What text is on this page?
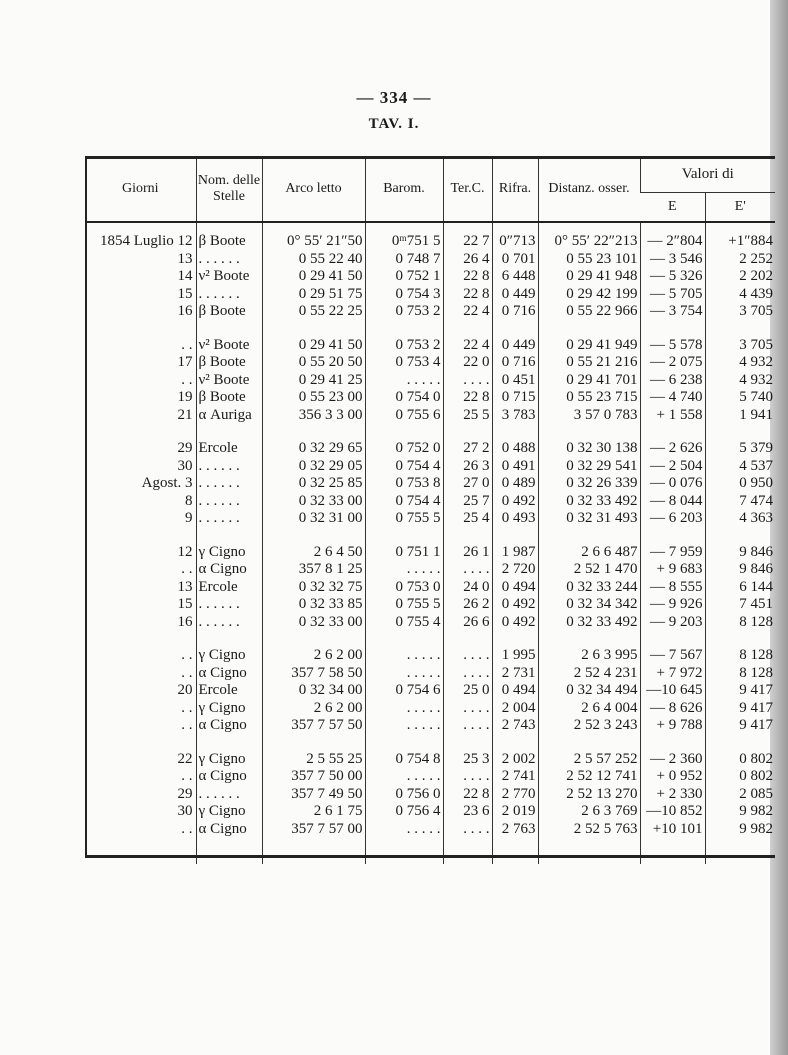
— 334 —
TAV. I.
Giorni	Nom. delle Stelle	Arco letto	Barom.	Ter.C.	Rifra.	Distanz. osser.	Valori di	
							E	E'

1854 Luglio 12	β Boote	0° 55′ 21″50	0ᵐ751 5	22 7	0″713	0° 55′ 22″213	— 2″804	+1″884
13	. . . . . .	0 55 22 40	0 748 7	26 4	0 701	0 55 23 101	— 3 546	2 252
14	ν² Boote	0 29 41 50	0 752 1	22 8	6 448	0 29 41 948	— 5 326	2 202
15	. . . . . .	0 29 51 75	0 754 3	22 8	0 449	0 29 42 199	— 5 705	4 439
16	β Boote	0 55 22 25	0 753 2	22 4	0 716	0 55 22 966	— 3 754	3 705

. .	ν² Boote	0 29 41 50	0 753 2	22 4	0 449	0 29 41 949	— 5 578	3 705
17	β Boote	0 55 20 50	0 753 4	22 0	0 716	0 55 21 216	— 2 075	4 932
. .	ν² Boote	0 29 41 25	. . . . .	. . . .	0 451	0 29 41 701	— 6 238	4 932
19	β Boote	0 55 23 00	0 754 0	22 8	0 715	0 55 23 715	— 4 740	5 740
21	α Auriga	356 3 3 00	0 755 6	25 5	3 783	3 57 0 783	+ 1 558	1 941

29	Ercole	0 32 29 65	0 752 0	27 2	0 488	0 32 30 138	— 2 626	5 379
30	. . . . . .	0 32 29 05	0 754 4	26 3	0 491	0 32 29 541	— 2 504	4 537
Agost. 3	. . . . . .	0 32 25 85	0 753 8	27 0	0 489	0 32 26 339	— 0 076	0 950
8	. . . . . .	0 32 33 00	0 754 4	25 7	0 492	0 32 33 492	— 8 044	7 474
9	. . . . . .	0 32 31 00	0 755 5	25 4	0 493	0 32 31 493	— 6 203	4 363

12	γ Cigno	2 6 4 50	0 751 1	26 1	1 987	2 6 6 487	— 7 959	9 846
. .	α Cigno	357 8 1 25	. . . . .	. . . .	2 720	2 52 1 470	+ 9 683	9 846
13	Ercole	0 32 32 75	0 753 0	24 0	0 494	0 32 33 244	— 8 555	6 144
15	. . . . . .	0 32 33 85	0 755 5	26 2	0 492	0 32 34 342	— 9 926	7 451
16	. . . . . .	0 32 33 00	0 755 4	26 6	0 492	0 32 33 492	— 9 203	8 128

. .	γ Cigno	2 6 2 00	. . . . .	. . . .	1 995	2 6 3 995	— 7 567	8 128
. .	α Cigno	357 7 58 50	. . . . .	. . . .	2 731	2 52 4 231	+ 7 972	8 128
20	Ercole	0 32 34 00	0 754 6	25 0	0 494	0 32 34 494	—10 645	9 417
. .	γ Cigno	2 6 2 00	. . . . .	. . . .	2 004	2 6 4 004	— 8 626	9 417
. .	α Cigno	357 7 57 50	. . . . .	. . . .	2 743	2 52 3 243	+ 9 788	9 417

22	γ Cigno	2 5 55 25	0 754 8	25 3	2 002	2 5 57 252	— 2 360	0 802
. .	α Cigno	357 7 50 00	. . . . .	. . . .	2 741	2 52 12 741	+ 0 952	0 802
29	. . . . . .	357 7 49 50	0 756 0	22 8	2 770	2 52 13 270	+ 2 330	2 085
30	γ Cigno	2 6 1 75	0 756 4	23 6	2 019	2 6 3 769	—10 852	9 982
. .	α Cigno	357 7 57 00	. . . . .	. . . .	2 763	2 52 5 763	+10 101	9 982
